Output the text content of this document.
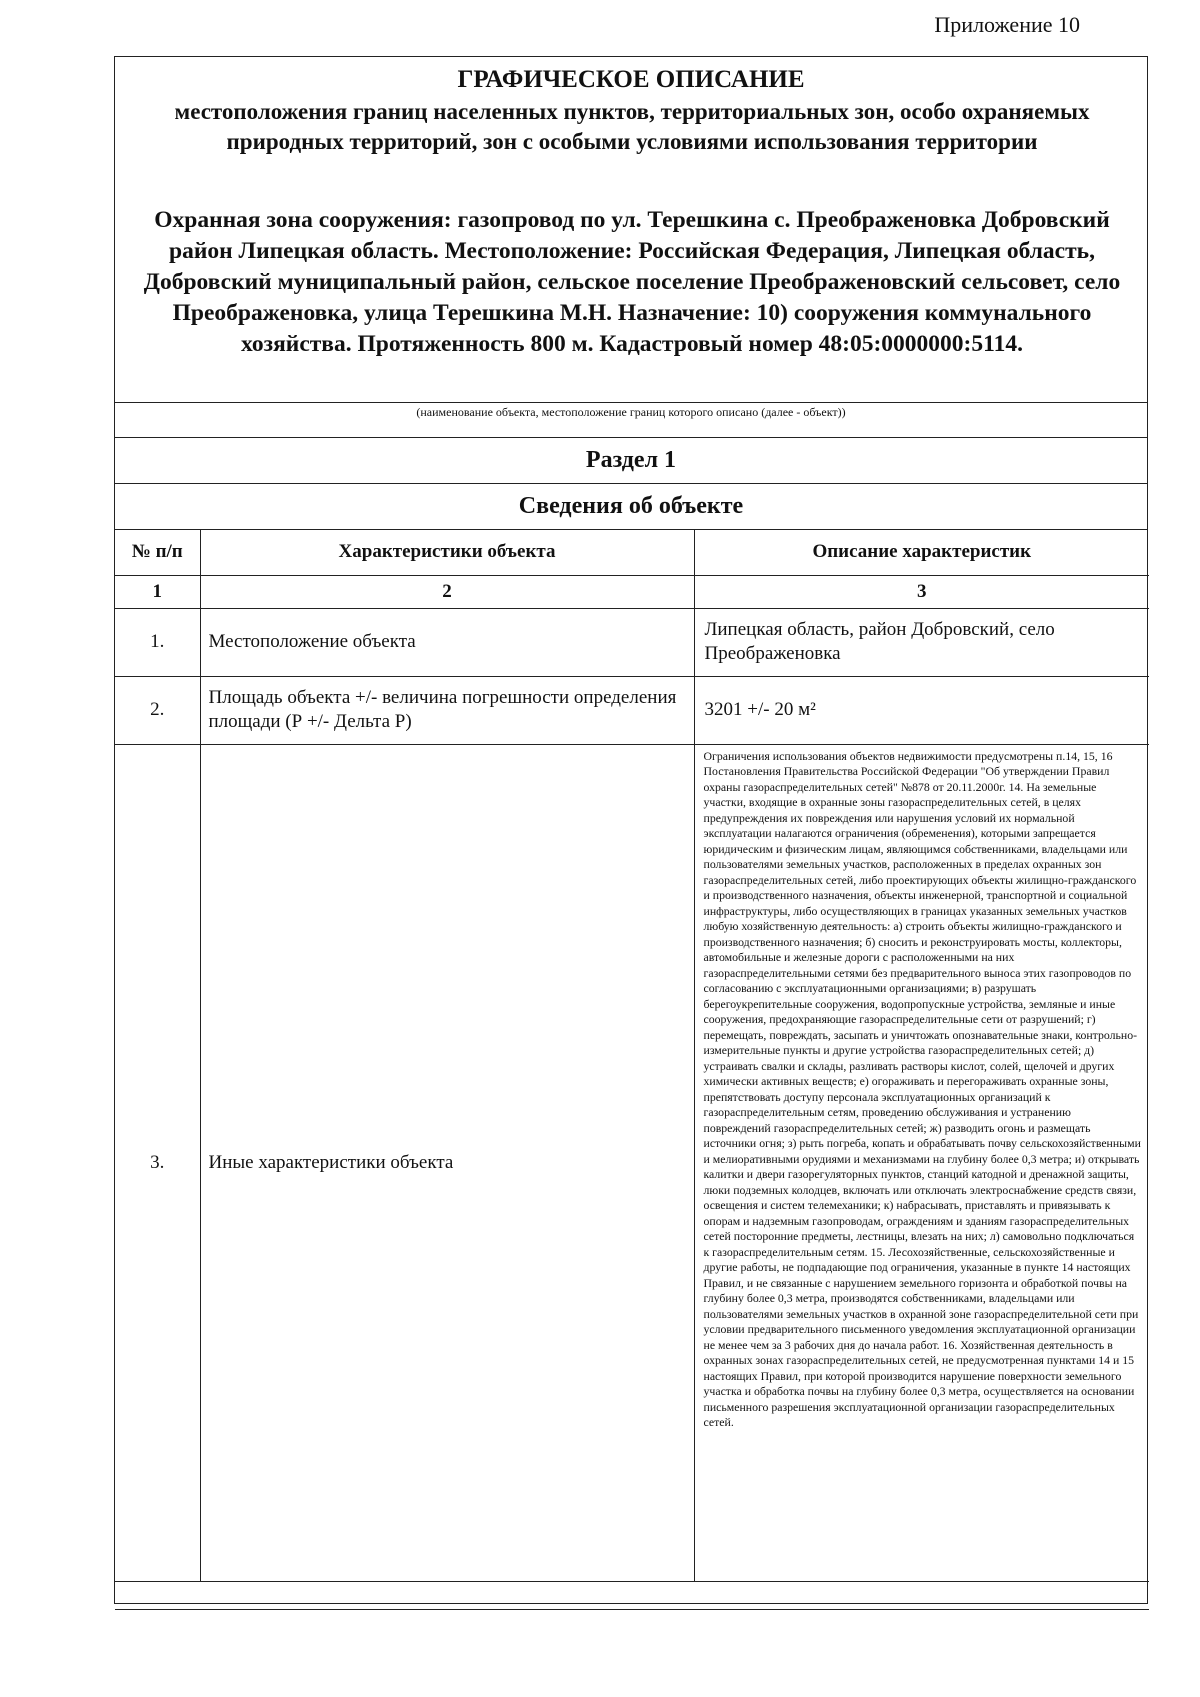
Приложение 10
ГРАФИЧЕСКОЕ ОПИСАНИЕ
местоположения границ населенных пунктов, территориальных зон, особо охраняемых природных территорий, зон с особыми условиями использования территории
Охранная зона сооружения: газопровод по ул. Терешкина с. Преображеновка Добровский район Липецкая область. Местоположение: Российская Федерация, Липецкая область, Добровский муниципальный район, сельское поселение Преображеновский сельсовет, село Преображеновка, улица Терешкина М.Н. Назначение: 10) сооружения коммунального хозяйства. Протяженность 800 м. Кадастровый номер 48:05:0000000:5114.
(наименование объекта, местоположение границ которого описано (далее - объект))
Раздел 1
Сведения об объекте
№ п/п	Характеристики объекта	Описание характеристик
1	2	3
1.	Местоположение объекта	Липецкая область, район Добровский, село Преображеновка
2.	Площадь объекта +/- величина погрешности определения площади (Р +/- Дельта Р)	3201 +/- 20 м²
3.	Иные характеристики объекта	Ограничения использования объектов недвижимости предусмотрены п.14, 15, 16 Постановления Правительства Российской Федерации "Об утверждении Правил охраны газораспределительных сетей" №878 от 20.11.2000г. 14. На земельные участки, входящие в охранные зоны газораспределительных сетей, в целях предупреждения их повреждения или нарушения условий их нормальной эксплуатации налагаются ограничения (обременения), которыми запрещается юридическим и физическим лицам, являющимся собственниками, владельцами или пользователями земельных участков, расположенных в пределах охранных зон газораспределительных сетей, либо проектирующих объекты жилищно-гражданского и производственного назначения, объекты инженерной, транспортной и социальной инфраструктуры, либо осуществляющих в границах указанных земельных участков любую хозяйственную деятельность: а) строить объекты жилищно-гражданского и производственного назначения; б) сносить и реконструировать мосты, коллекторы, автомобильные и железные дороги с расположенными на них газораспределительными сетями без предварительного выноса этих газопроводов по согласованию с эксплуатационными организациями; в) разрушать берегоукрепительные сооружения, водопропускные устройства, земляные и иные сооружения, предохраняющие газораспределительные сети от разрушений; г) перемещать, повреждать, засыпать и уничтожать опознавательные знаки, контрольно-измерительные пункты и другие устройства газораспределительных сетей; д) устраивать свалки и склады, разливать растворы кислот, солей, щелочей и других химически активных веществ; е) огораживать и перегораживать охранные зоны, препятствовать доступу персонала эксплуатационных организаций к газораспределительным сетям, проведению обслуживания и устранению повреждений газораспределительных сетей; ж) разводить огонь и размещать источники огня; з) рыть погреба, копать и обрабатывать почву сельскохозяйственными и мелиоративными орудиями и механизмами на глубину более 0,3 метра; и) открывать калитки и двери газорегуляторных пунктов, станций катодной и дренажной защиты, люки подземных колодцев, включать или отключать электроснабжение средств связи, освещения и систем телемеханики; к) набрасывать, приставлять и привязывать к опорам и надземным газопроводам, ограждениям и зданиям газораспределительных сетей посторонние предметы, лестницы, влезать на них; л) самовольно подключаться к газораспределительным сетям. 15. Лесохозяйственные, сельскохозяйственные и другие работы, не подпадающие под ограничения, указанные в пункте 14 настоящих Правил, и не связанные с нарушением земельного горизонта и обработкой почвы на глубину более 0,3 метра, производятся собственниками, владельцами или пользователями земельных участков в охранной зоне газораспределительной сети при условии предварительного письменного уведомления эксплуатационной организации не менее чем за 3 рабочих дня до начала работ. 16. Хозяйственная деятельность в охранных зонах газораспределительных сетей, не предусмотренная пунктами 14 и 15 настоящих Правил, при которой производится нарушение поверхности земельного участка и обработка почвы на глубину более 0,3 метра, осуществляется на основании письменного разрешения эксплуатационной организации газораспределительных сетей.
